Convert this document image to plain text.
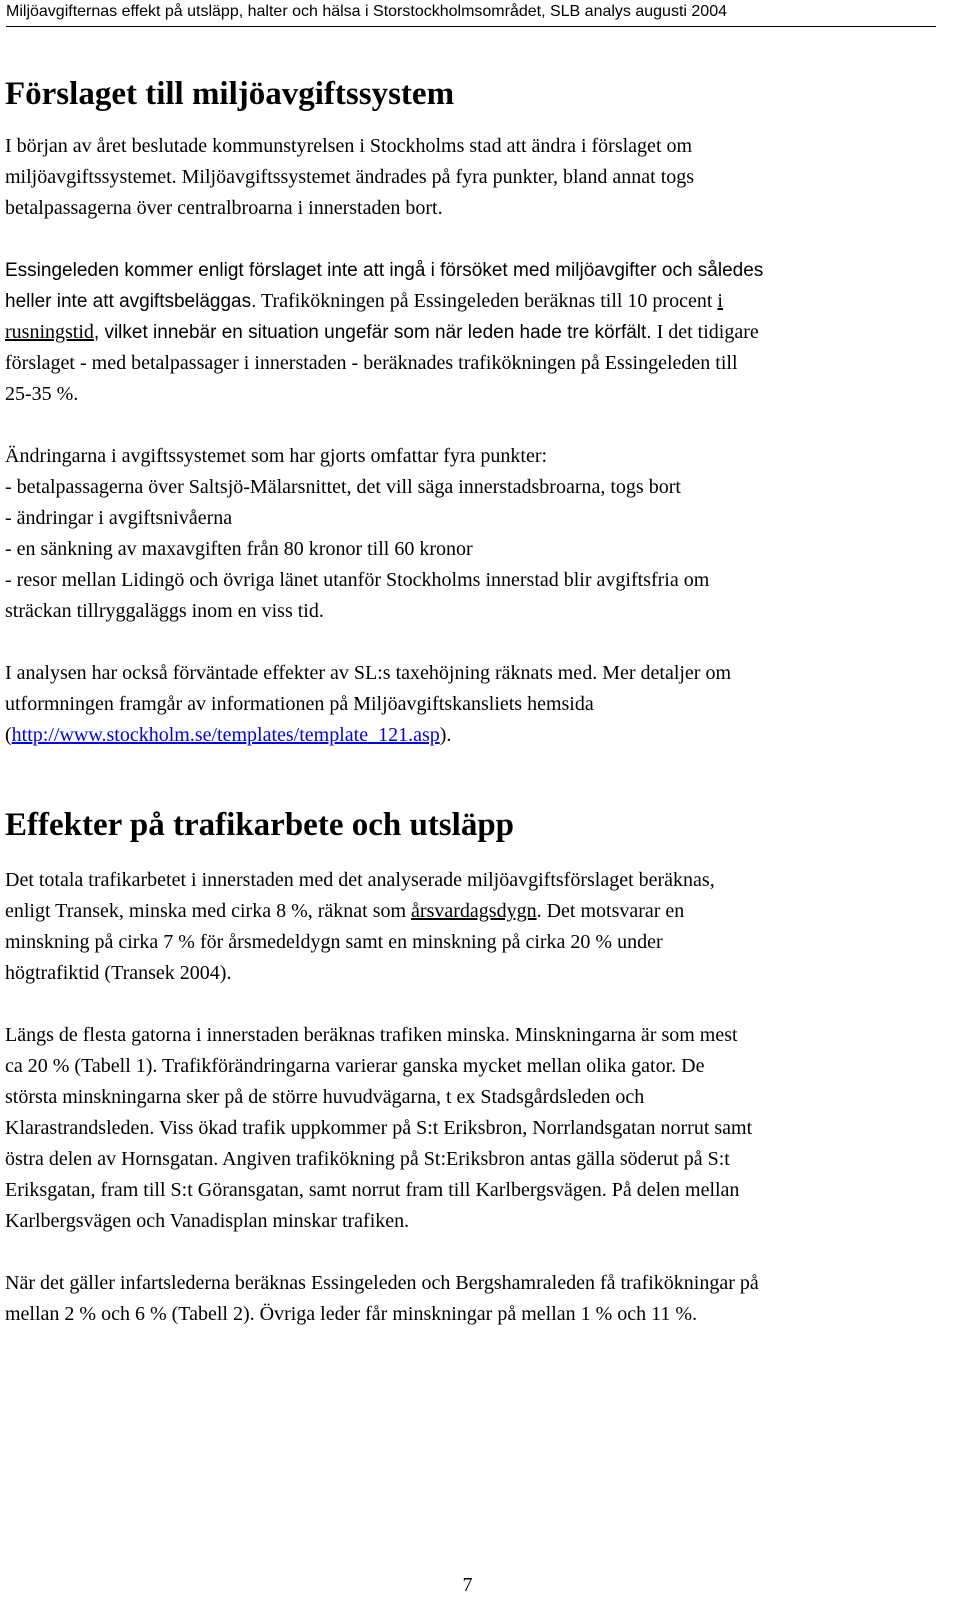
Miljöavgifternas effekt på utsläpp, halter och hälsa i Storstockholmsområdet, SLB analys augusti 2004
Förslaget till miljöavgiftssystem

I början av året beslutade kommunstyrelsen i Stockholms stad att ändra i förslaget om
miljöavgiftssystemet. Miljöavgiftssystemet ändrades på fyra punkter, bland annat togs
betalpassagerna över centralbroarna i innerstaden bort.

Essingeleden kommer enligt förslaget inte att ingå i försöket med miljöavgifter och således
heller inte att avgiftsbeläggas. Trafikökningen på Essingeleden beräknas till 10 procent i
rusningstid, vilket innebär en situation ungefär som när leden hade tre körfält. I det tidigare
förslaget - med betalpassager i innerstaden - beräknades trafikökningen på Essingeleden till
25-35 %.

Ändringarna i avgiftssystemet som har gjorts omfattar fyra punkter:
- betalpassagerna över Saltsjö-Mälarsnittet, det vill säga innerstadsbroarna, togs bort
- ändringar i avgiftsnivåerna
- en sänkning av maxavgiften från 80 kronor till 60 kronor
- resor mellan Lidingö och övriga länet utanför Stockholms innerstad blir avgiftsfria om
sträckan tillryggaläggs inom en viss tid.

I analysen har också förväntade effekter av SL:s taxehöjning räknats med. Mer detaljer om
utformningen framgår av informationen på Miljöavgiftskansliets hemsida
(http://www.stockholm.se/templates/template_121.asp).

Effekter på trafikarbete och utsläpp

Det totala trafikarbetet i innerstaden med det analyserade miljöavgiftsförslaget beräknas,
enligt Transek, minska med cirka 8 %, räknat som årsvardagsdygn. Det motsvarar en
minskning på cirka 7 % för årsmedeldygn samt en minskning på cirka 20 % under
högtrafiktid (Transek 2004).

Längs de flesta gatorna i innerstaden beräknas trafiken minska. Minskningarna är som mest
ca 20 % (Tabell 1). Trafikförändringarna varierar ganska mycket mellan olika gator. De
största minskningarna sker på de större huvudvägarna, t ex Stadsgårdsleden och
Klarastrandsleden. Viss ökad trafik uppkommer på S:t Eriksbron, Norrlandsgatan norrut samt
östra delen av Hornsgatan. Angiven trafikökning på St:Eriksbron antas gälla söderut på S:t
Eriksgatan, fram till S:t Göransgatan, samt norrut fram till Karlbergsvägen. På delen mellan
Karlbergsvägen och Vanadisplan minskar trafiken.

När det gäller infartslederna beräknas Essingeleden och Bergshamraleden få trafikökningar på
mellan 2 % och 6 % (Tabell 2). Övriga leder får minskningar på mellan 1 % och 11 %.

7
